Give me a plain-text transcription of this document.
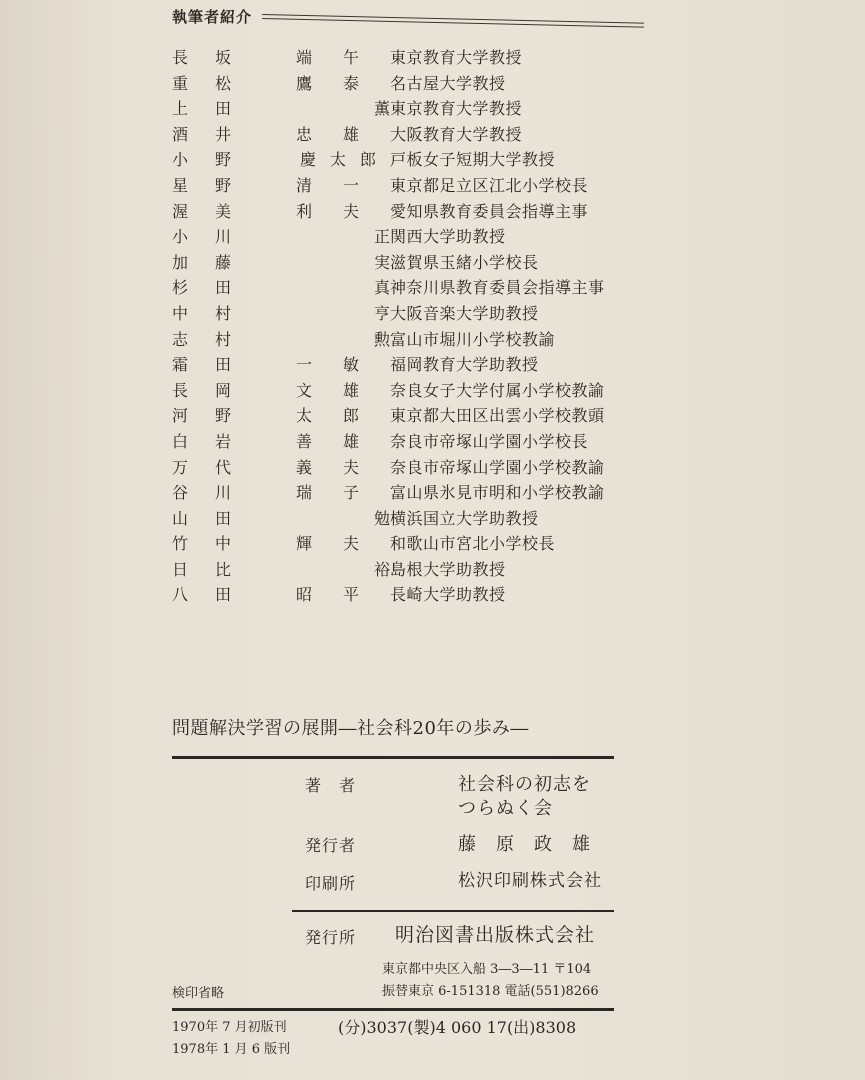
執筆者紹介
長	坂	端午 東京教育大学教授
重	松	鷹泰 名古屋大学教授
上	田	薫 東京教育大学教授
酒	井	忠雄 大阪教育大学教授
小	野	慶太郎 戸板女子短期大学教授
星	野	清一 東京都足立区江北小学校長
渥	美	利夫 愛知県教育委員会指導主事
小	川	正 関西大学助教授
加	藤	実 滋賀県玉緒小学校長
杉	田	真 神奈川県教育委員会指導主事
中	村	亨 大阪音楽大学助教授
志	村	勲 富山市堀川小学校教諭
霜	田	一敏 福岡教育大学助教授
長	岡	文雄 奈良女子大学付属小学校教諭
河	野	太郎 東京都大田区出雲小学校教頭
白	岩	善雄 奈良市帝塚山学園小学校長
万	代	義夫 奈良市帝塚山学園小学校教諭
谷	川	瑞子 富山県氷見市明和小学校教諭
山	田	勉 横浜国立大学助教授
竹	中	輝夫 和歌山市宮北小学校長
日	比	裕 島根大学助教授
八	田	昭平 長崎大学助教授
問題解決学習の展開―社会科20年の歩み―
著　者	社会科の初志を
つらぬく会
発行者	藤　原　政　雄
印刷所	松沢印刷株式会社
発行所 明治図書出版株式会社
東京都中央区入船 3―3―11 〒104
振替東京 6-151318 電話(551)8266
検印省略
1970年 7 月初版刊
1978年 1 月 6 版刊
(分)3037(製)4 060 17(出)8308
